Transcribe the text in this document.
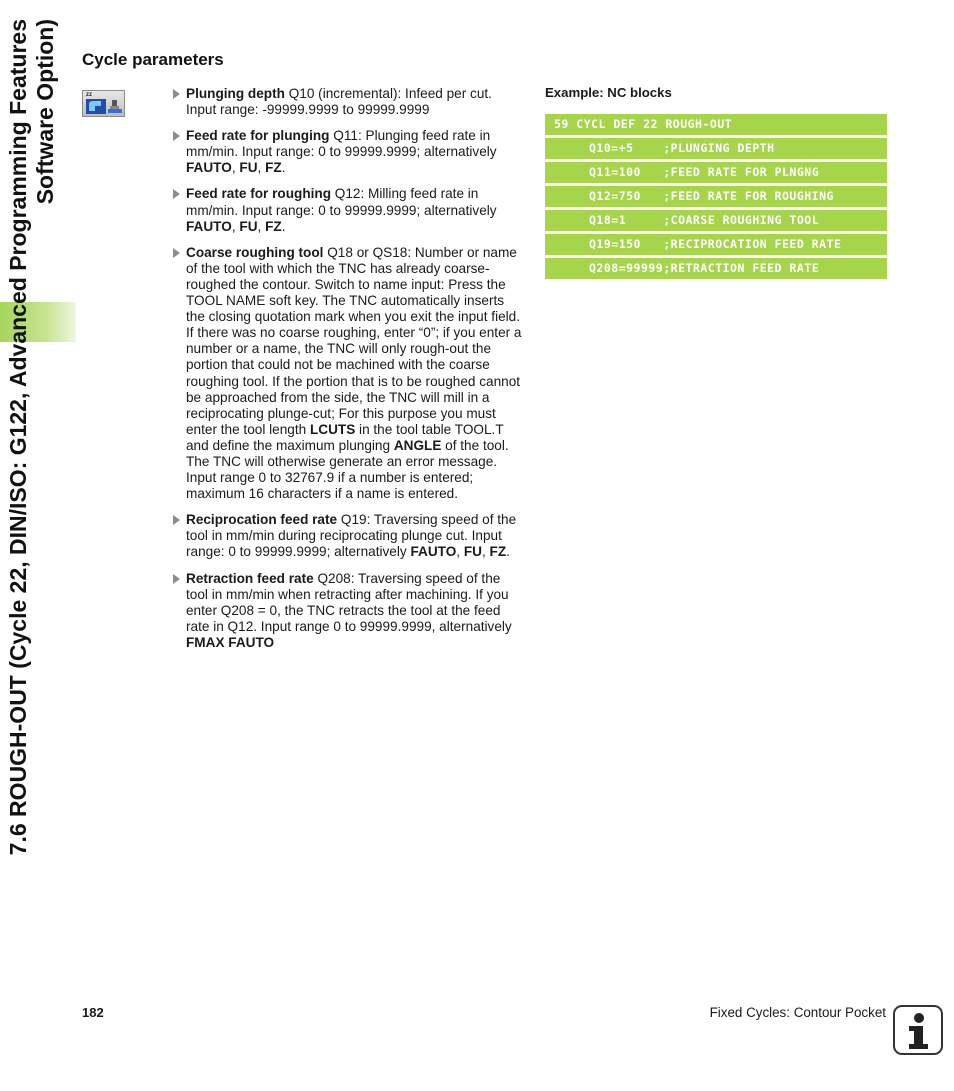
7.6 ROUGH-OUT (Cycle 22, DIN/ISO: G122, Advanced Programming Features Software Option) Cycle parameters
zz	Plunging depth Q10 (incremental): Infeed per cut. Input range: -99999.9999 to 99999.9999
Feed rate for plunging Q11: Plunging feed rate in mm/min. Input range: 0 to 99999.9999; alternatively FAUTO, FU, FZ.
Feed rate for roughing Q12: Milling feed rate in mm/min. Input range: 0 to 99999.9999; alternatively FAUTO, FU, FZ.
Coarse roughing tool Q18 or QS18: Number or name of the tool with which the TNC has already coarse-roughed the contour. Switch to name input: Press the TOOL NAME soft key. The TNC automatically inserts the closing quotation mark when you exit the input field. If there was no coarse roughing, enter “0”; if you enter a number or a name, the TNC will only rough-out the portion that could not be machined with the coarse roughing tool. If the portion that is to be roughed cannot be approached from the side, the TNC will mill in a reciprocating plunge-cut; For this purpose you must enter the tool length LCUTS in the tool table TOOL.T and define the maximum plunging ANGLE of the tool. The TNC will otherwise generate an error message. Input range 0 to 32767.9 if a number is entered; maximum 16 characters if a name is entered.
Reciprocation feed rate Q19: Traversing speed of the tool in mm/min during reciprocating plunge cut. Input range: 0 to 99999.9999; alternatively FAUTO, FU, FZ.
Retraction feed rate Q208: Traversing speed of the tool in mm/min when retracting after machining. If you enter Q208 = 0, the TNC retracts the tool at the feed rate in Q12. Input range 0 to 99999.9999, alternatively FMAX FAUTO
Example: NC blocks
59 CYCL DEF 22 ROUGH-OUT
Q10=+5    ;PLUNGING DEPTH
Q11=100   ;FEED RATE FOR PLNGNG
Q12=750   ;FEED RATE FOR ROUGHING
Q18=1     ;COARSE ROUGHING TOOL
Q19=150   ;RECIPROCATION FEED RATE
Q208=99999;RETRACTION FEED RATE
182	Fixed Cycles: Contour Pocket
